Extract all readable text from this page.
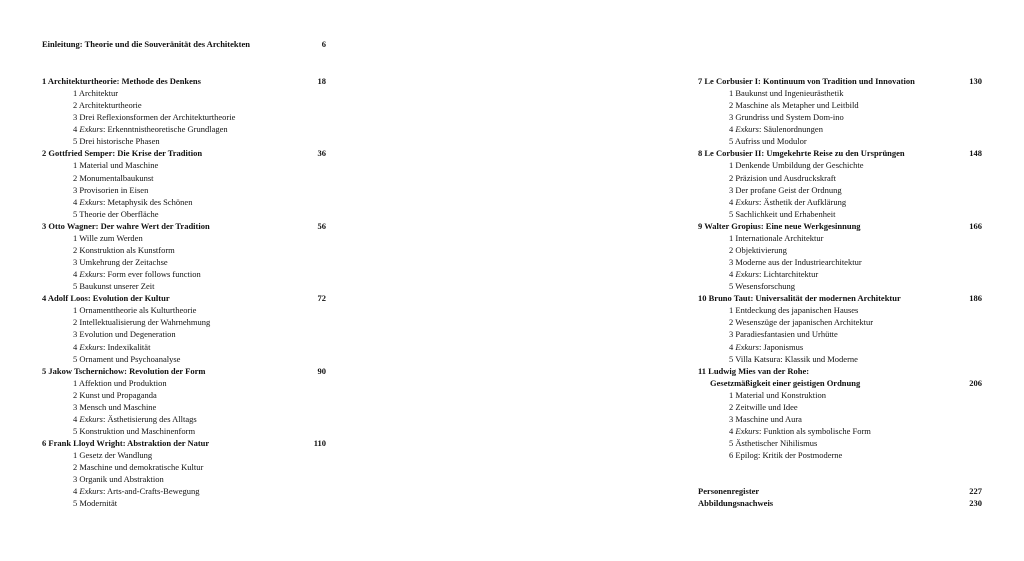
Einleitung: Theorie und die Souveränität des Architekten	6
1 Architekturtheorie: Methode des Denkens	18
1 Architektur
2 Architekturtheorie
3 Drei Reflexionsformen der Architekturtheorie
4 Exkurs: Erkenntnistheoretische Grundlagen
5 Drei historische Phasen
2 Gottfried Semper: Die Krise der Tradition	36
1 Material und Maschine
2 Monumentalbaukunst
3 Provisorien in Eisen
4 Exkurs: Metaphysik des Schönen
5 Theorie der Oberfläche
3 Otto Wagner: Der wahre Wert der Tradition	56
1 Wille zum Werden
2 Konstruktion als Kunstform
3 Umkehrung der Zeitachse
4 Exkurs: Form ever follows function
5 Baukunst unserer Zeit
4 Adolf Loos: Evolution der Kultur	72
1 Ornamenttheorie als Kulturtheorie
2 Intellektualisierung der Wahrnehmung
3 Evolution und Degeneration
4 Exkurs: Indexikalität
5 Ornament und Psychoanalyse
5 Jakow Tschernichow: Revolution der Form	90
1 Affektion und Produktion
2 Kunst und Propaganda
3 Mensch und Maschine
4 Exkurs: Ästhetisierung des Alltags
5 Konstruktion und Maschinenform
6 Frank Lloyd Wright: Abstraktion der Natur	110
1 Gesetz der Wandlung
2 Maschine und demokratische Kultur
3 Organik und Abstraktion
4 Exkurs: Arts-and-Crafts-Bewegung
5 Modernität
7 Le Corbusier I: Kontinuum von Tradition und Innovation	130
1 Baukunst und Ingenieurästhetik
2 Maschine als Metapher und Leitbild
3 Grundriss und System Dom-ino
4 Exkurs: Säulenordnungen
5 Aufriss und Modulor
8 Le Corbusier II: Umgekehrte Reise zu den Ursprüngen	148
1 Denkende Umbildung der Geschichte
2 Präzision und Ausdruckskraft
3 Der profane Geist der Ordnung
4 Exkurs: Ästhetik der Aufklärung
5 Sachlichkeit und Erhabenheit
9 Walter Gropius: Eine neue Werkgesinnung	166
1 Internationale Architektur
2 Objektivierung
3 Moderne aus der Industriearchitektur
4 Exkurs: Lichtarchitektur
5 Wesensforschung
10 Bruno Taut: Universalität der modernen Architektur	186
1 Entdeckung des japanischen Hauses
2 Wesenszüge der japanischen Architektur
3 Paradiesfantasien und Urhütte
4 Exkurs: Japonismus
5 Villa Katsura: Klassik und Moderne
11 Ludwig Mies van der Rohe:
Gesetzmäßigkeit einer geistigen Ordnung	206
1 Material und Konstruktion
2 Zeitwille und Idee
3 Maschine und Aura
4 Exkurs: Funktion als symbolische Form
5 Ästhetischer Nihilismus
6 Epilog: Kritik der Postmoderne
Personenregister	227
Abbildungsnachweis	230
